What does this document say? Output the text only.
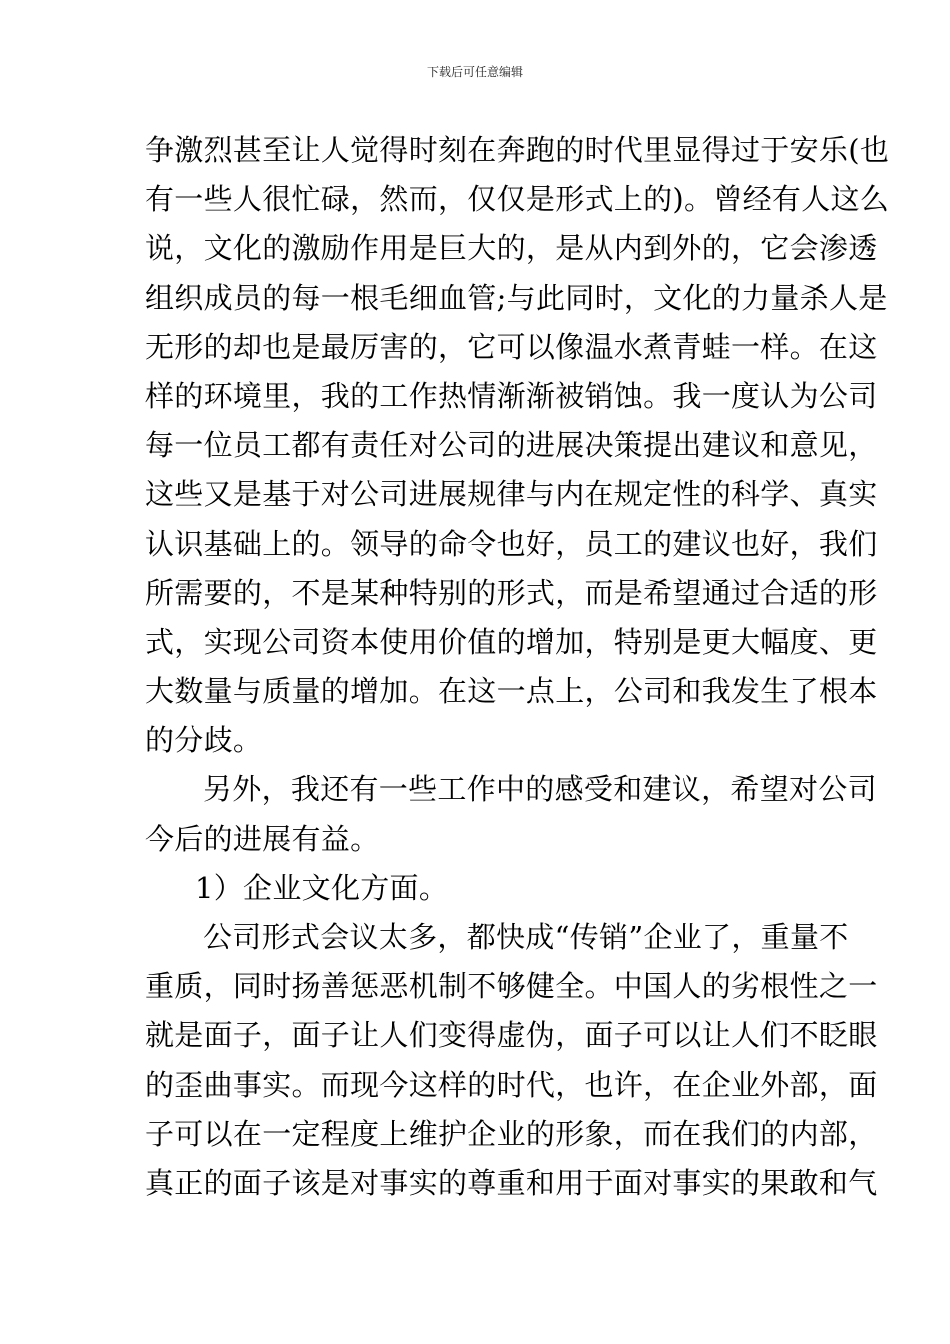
下载后可任意编辑
争激烈甚至让人觉得时刻在奔跑的时代里显得过于安乐(也
有一些人很忙碌，然而，仅仅是形式上的)。曾经有人这么
说，文化的激励作用是巨大的，是从内到外的，它会渗透
组织成员的每一根毛细血管;与此同时，文化的力量杀人是
无形的却也是最厉害的，它可以像温水煮青蛙一样。在这
样的环境里，我的工作热情渐渐被销蚀。我一度认为公司
每一位员工都有责任对公司的进展决策提出建议和意见，
这些又是基于对公司进展规律与内在规定性的科学、真实
认识基础上的。领导的命令也好，员工的建议也好，我们
所需要的，不是某种特别的形式，而是希望通过合适的形
式，实现公司资本使用价值的增加，特别是更大幅度、更
大数量与质量的增加。在这一点上，公司和我发生了根本
的分歧。
另外，我还有一些工作中的感受和建议，希望对公司
今后的进展有益。
1）企业文化方面。
公司形式会议太多，都快成“传销”企业了，重量不
重质，同时扬善惩恶机制不够健全。中国人的劣根性之一
就是面子，面子让人们变得虚伪，面子可以让人们不眨眼
的歪曲事实。而现今这样的时代，也许，在企业外部，面
子可以在一定程度上维护企业的形象，而在我们的内部，
真正的面子该是对事实的尊重和用于面对事实的果敢和气
